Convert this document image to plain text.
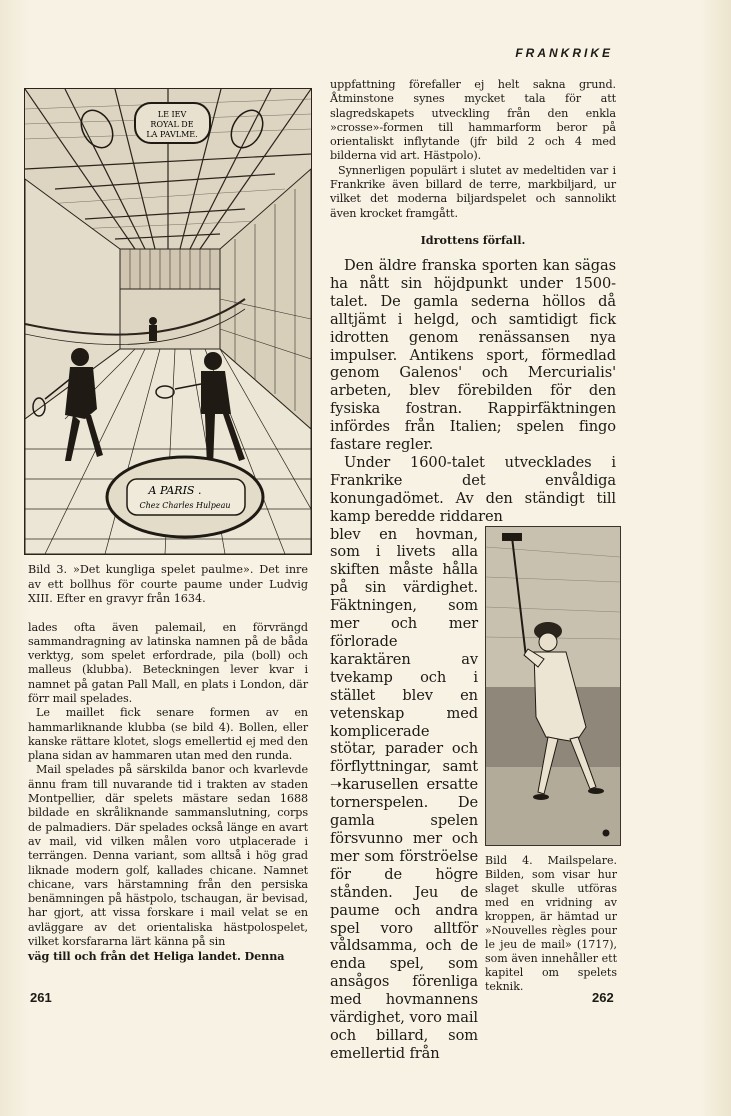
FRANKRIKE
LE IEV
ROYAL DE
LA PAVLME.
A PARIS .
Chez Charles Hulpeau
Bild 3. »Det kungliga spelet paulme». Det inre av ett bollhus för courte paume under Ludvig XIII. Efter en gravyr från 1634.

lades ofta även palemail, en förvrängd sammandragning av latinska namnen på de båda verktyg, som spelet erfordrade, pila (boll) och malleus (klubba). Beteckningen lever kvar i namnet på gatan Pall Mall, en plats i London, där förr mail spelades.

Le maillet fick senare formen av en hammarliknande klubba (se bild 4). Bollen, eller kanske rättare klotet, slogs emellertid ej med den plana sidan av hammaren utan med den runda.

Mail spelades på särskilda banor och kvarlevde ännu fram till nuvarande tid i trakten av staden Montpellier, där spelets mästare sedan 1688 bildade en skråliknande sammanslutning, corps de palmadiers. Där spelades också länge en avart av mail, vid vilken målen voro utplacerade i terrängen. Denna variant, som alltså i hög grad liknade modern golf, kallades chicane. Namnet chicane, vars härstamning från den persiska benämningen på hästpolo, tschaugan, är bevisad, har gjort, att vissa forskare i mail velat se en avläggare av det orientaliska hästpolospelet, vilket korsfararna lärt känna på sin

väg till och från det Heliga landet. Denna

uppfattning förefaller ej helt sakna grund. Åtminstone synes mycket tala för att slagredskapets utveckling från den enkla »crosse»-formen till hammarform beror på orientaliskt inflytande (jfr bild 2 och 4 med bilderna vid art. Hästpolo).

Synnerligen populärt i slutet av medeltiden var i Frankrike även billard de terre, markbiljard, ur vilket det moderna biljardspelet och sannolikt även krocket framgått.

Idrottens förfall.

Den äldre franska sporten kan sägas ha nått sin höjdpunkt under 1500-talet. De gamla sederna höllos då alltjämt i helgd, och samtidigt fick idrotten genom renässansen nya impulser. Antikens sport, förmedlad genom Galenos' och Mercurialis' arbeten, blev förebilden för den fysiska fostran. Rappirfäktningen infördes från Italien; spelen fingo fastare regler.

Under 1600-talet utvecklades i Frankrike det envåldiga konungadömet. Av den ständigt till kamp beredde riddaren

blev en hovman, som i livets alla skiften måste hålla på sin värdighet. Fäktningen, som mer och mer förlorade karaktären av tvekamp och i stället blev en vetenskap med komplicerade stötar, parader och förflyttningar, samt ➝karusellen ersatte tornerspelen. De gamla spelen försvunno mer och mer som förströelse för de högre stånden. Jeu de paume och andra spel voro alltför våldsamma, och de enda spel, som ansågos förenliga med hovmannens värdighet, voro mail och billard, som emellertid från

Bild 4. Mailspelare. Bilden, som visar hur slaget skulle utföras med en vridning av kroppen, är hämtad ur »Nouvelles règles pour le jeu de mail» (1717), som även innehåller ett kapitel om spelets teknik.
261	262
